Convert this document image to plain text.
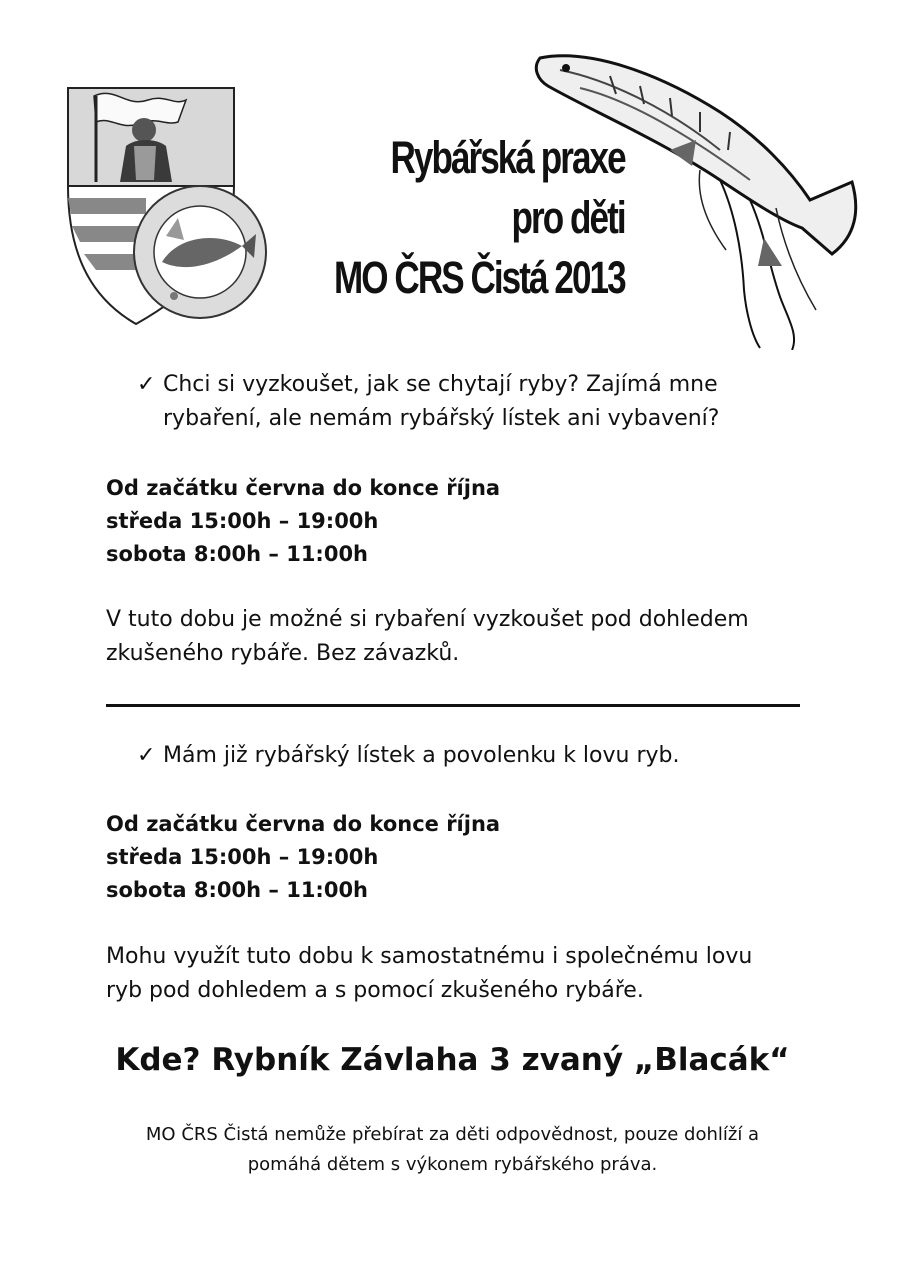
Rybářská praxe
pro děti
MO ČRS Čistá 2013
✓ Chci si vyzkoušet, jak se chytají ryby? Zajímá mne
rybaření, ale nemám rybářský lístek ani vybavení?
Od začátku června do konce října
středa 15:00h – 19:00h
sobota 8:00h – 11:00h
V tuto dobu je možné si rybaření vyzkoušet pod dohledem
zkušeného rybáře. Bez závazků.
✓ Mám již rybářský lístek a povolenku k lovu ryb.
Od začátku června do konce října
středa 15:00h – 19:00h
sobota 8:00h – 11:00h
Mohu využít tuto dobu k samostatnému i společnému lovu
ryb pod dohledem a s pomocí zkušeného rybáře.
Kde? Rybník Závlaha 3 zvaný „Blacák“
MO ČRS Čistá nemůže přebírat za děti odpovědnost, pouze dohlíží a
pomáhá dětem s výkonem rybářského práva.
